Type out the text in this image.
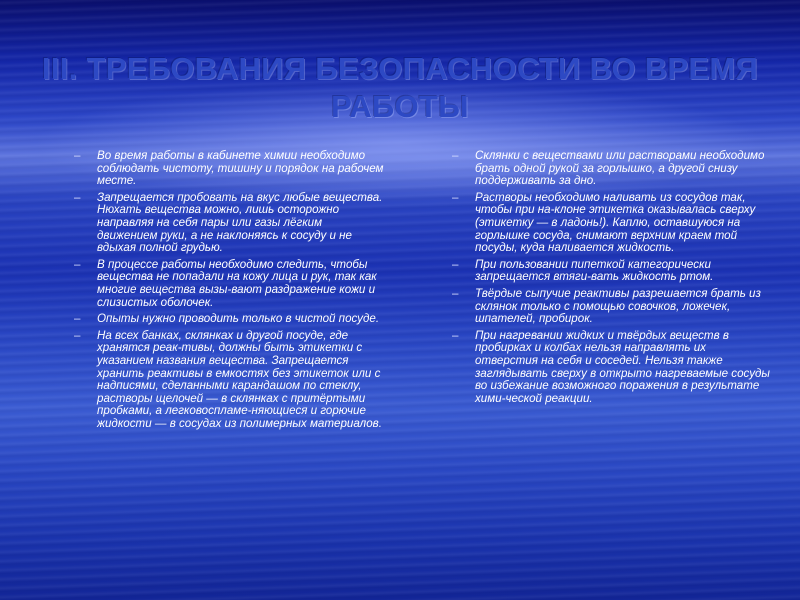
III. ТРЕБОВАНИЯ БЕЗОПАСНОСТИ ВО ВРЕМЯ РАБОТЫ
– Во время работы в кабинете химии необходимо соблюдать чистоту, тишину и порядок на рабочем месте.
– Запрещается пробовать на вкус любые вещества. Нюхать вещества можно, лишь осторожно направляя на себя пары или газы лёгким движением руки, а не наклоняясь к сосуду и не вдыхая полной грудью.
– В процессе работы необходимо следить, чтобы вещества не попадали на кожу лица и рук, так как многие вещества вызы-вают раздражение кожи и слизистых оболочек.
– Опыты нужно проводить только в чистой посуде.
– На всех банках, склянках и другой посуде, где хранятся реак-тивы, должны быть этикетки с указанием названия вещества. Запрещается хранить реактивы в емкостях без этикеток или с надписями, сделанными карандашом по стеклу, растворы щелочей — в склянках с притёртыми пробками, а легковоспламе-няющиеся и горючие жидкости — в сосудах из полимерных материалов.
– Склянки с веществами или растворами необходимо брать одной рукой за горлышко, а другой снизу поддерживать за дно.
– Растворы необходимо наливать из сосудов так, чтобы при на-клоне этикетка оказывалась сверху (этикетку — в ладонь!). Каплю, оставшуюся на горлышке сосуда, снимают верхним краем той посуды, куда наливается жидкость.
– При пользовании пипеткой категорически запрещается втяги-вать жидкость ртом.
– Твёрдые сыпучие реактивы разрешается брать из склянок только с помощью совочков, ложечек, шпателей, пробирок.
– При нагревании жидких и твёрдых веществ в пробирках и колбах нельзя направлять их отверстия на себя и соседей. Нельзя также заглядывать сверху в открыто нагреваемые сосуды во избежание возможного поражения в результате хими-ческой реакции.
